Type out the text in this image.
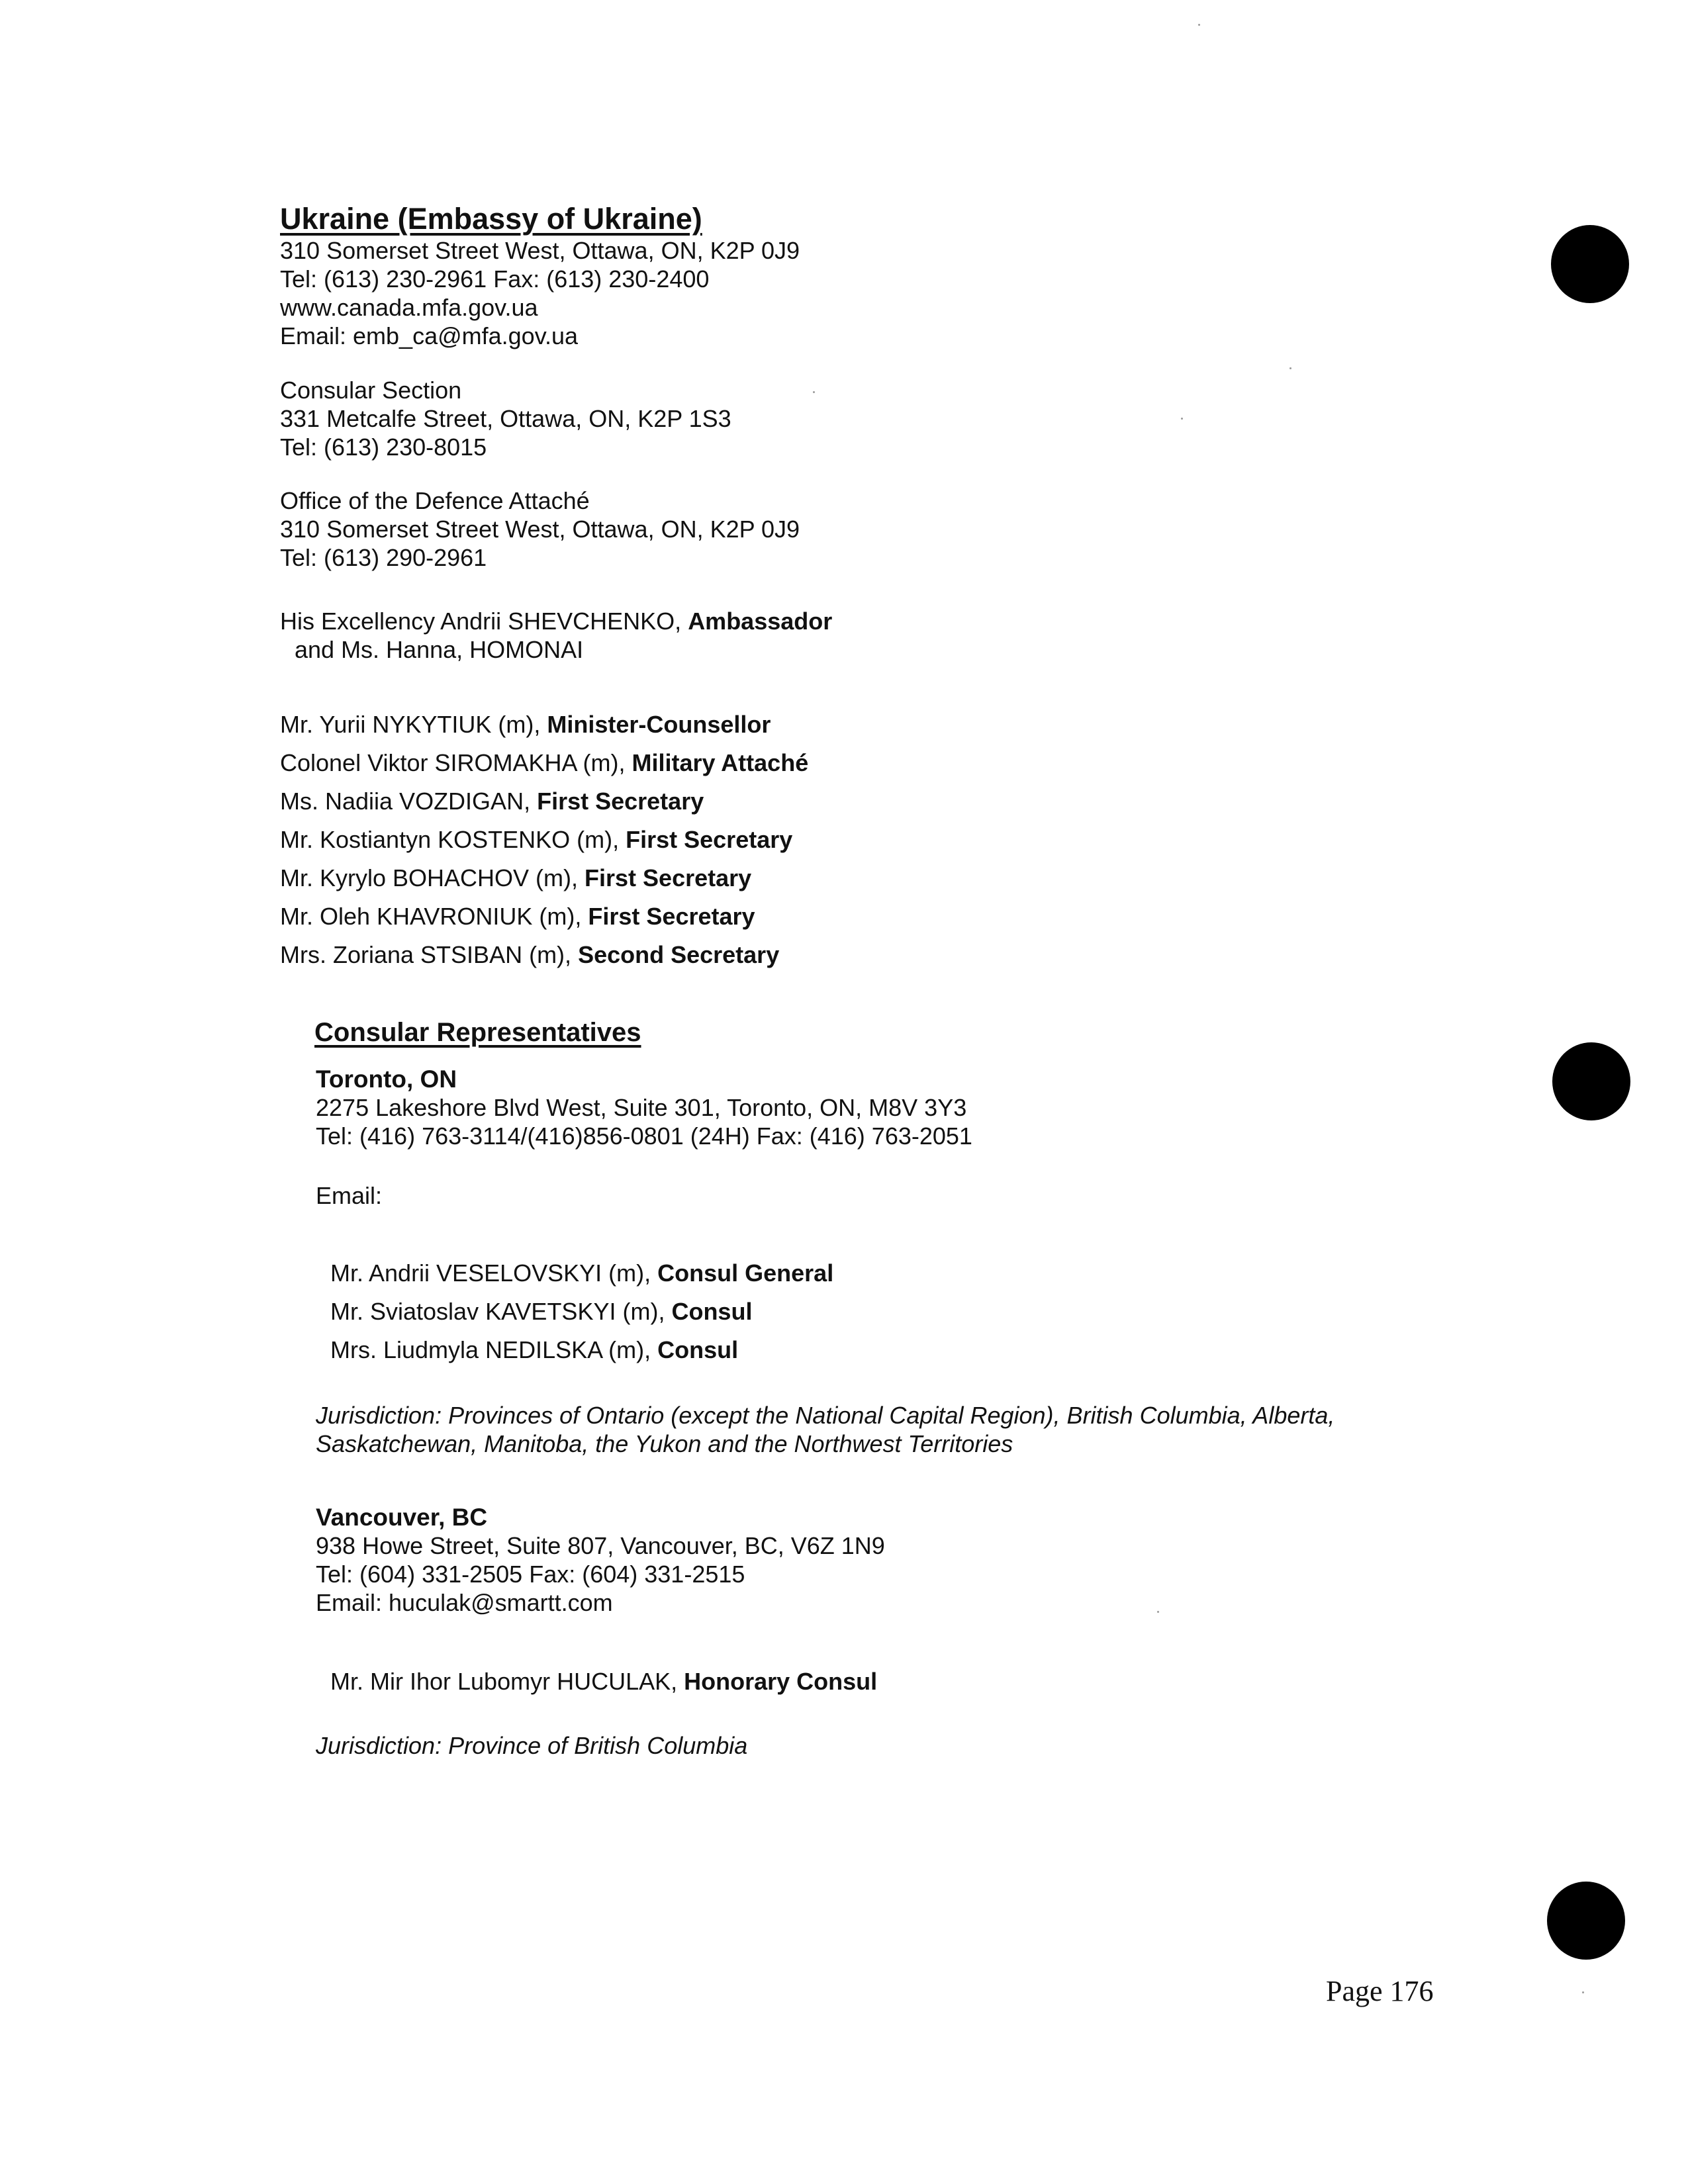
Ukraine (Embassy of Ukraine)
310 Somerset Street West, Ottawa, ON, K2P 0J9
Tel: (613) 230-2961 Fax: (613) 230-2400
www.canada.mfa.gov.ua
Email: emb_ca@mfa.gov.ua
Consular Section
331 Metcalfe Street, Ottawa, ON, K2P 1S3
Tel: (613) 230-8015
Office of the Defence Attaché
310 Somerset Street West, Ottawa, ON, K2P 0J9
Tel: (613) 290-2961
His Excellency Andrii SHEVCHENKO, Ambassador
and Ms. Hanna, HOMONAI
Mr. Yurii NYKYTIUK (m), Minister-Counsellor
Colonel Viktor SIROMAKHA (m), Military Attaché
Ms. Nadiia VOZDIGAN, First Secretary
Mr. Kostiantyn KOSTENKO (m), First Secretary
Mr. Kyrylo BOHACHOV (m), First Secretary
Mr. Oleh KHAVRONIUK (m), First Secretary
Mrs. Zoriana STSIBAN (m), Second Secretary
Consular Representatives
Toronto, ON
2275 Lakeshore Blvd West, Suite 301, Toronto, ON, M8V 3Y3
Tel: (416) 763-3114/(416)856-0801 (24H) Fax: (416) 763-2051
Email:
Mr. Andrii VESELOVSKYI (m), Consul General
Mr. Sviatoslav KAVETSKYI (m), Consul
Mrs. Liudmyla NEDILSKA (m), Consul
Jurisdiction: Provinces of Ontario (except the National Capital Region), British Columbia, Alberta,
Saskatchewan, Manitoba, the Yukon and the Northwest Territories
Vancouver, BC
938 Howe Street, Suite 807, Vancouver, BC, V6Z 1N9
Tel: (604) 331-2505 Fax: (604) 331-2515
Email: huculak@smartt.com
Mr. Mir Ihor Lubomyr HUCULAK, Honorary Consul
Jurisdiction: Province of British Columbia
Page 176
